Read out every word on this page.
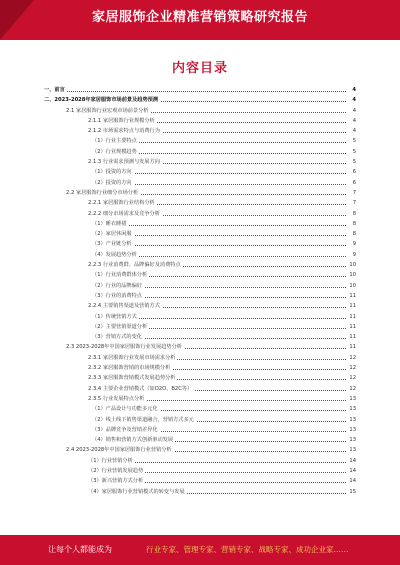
家居服饰企业精准营销策略研究报告
内容目录
一、前言	4
二、2023-2028年家居服饰市场前景及趋势预测	4
2.1 家居服饰行业宏观市场前景分析	4
2.1.1 家居服饰行业规模分析	4
2.1.2 市场需求特点与消费行为	4
（1）行业主要特点	5
（2）行业规模趋势	5
2.1.3 行业需求预测与发展方向	5
（1）投资的方向	6
（2）投资的方向	6
2.2 家居服饰行业细分市场分析	7
2.2.1 家居服饰行业结构分析	7
2.2.2 细分市场需求及竞争分析	8
（1）睡衣睡裙	8
（2）家居休闲服	8
（3）产业链分析	9
（4）发展趋势分析	9
2.2.3 行业消费群、品牌偏好及消费特点	10
（1）行业消费群体分析	10
（2）行业的品牌偏好	10
（3）行业的消费特点	11
2.2.4 主要销售渠道及营销方式	11
（1）传统营销方式	11
（2）主要营销渠道分析	11
（3）营销方式的变化	11
2.3 2023-2028年中国家居服饰行业发展趋势分析	11
2.3.1 家居服饰行业发展市场需求分析	12
2.3.2 家居服饰营销的市场规模分析	12
2.3.3 家居服饰营销模式发展趋势分析	12
2.3.4 主要企业营销模式（如O2O、B2C等）	12
2.3.5 行业发展特点分析	13
（1）产品设计与功能多元化	13
（2）线上线下销售渠道融合，营销方式多元	13
（3）品牌竞争及营销差异化	13
（4）销售和营销方式创新驱动发展	13
2.4 2023-2028年中国家居服饰行业营销分析	13
（1）行业营销分析	14
（2）行业营销发展趋势	14
（3）新兴营销方式分析	14
（4）家居服饰行业营销模式的转变与发展	15
让每个人都能成为	行业专家、管理专家、营销专家、战略专家、成功企业家……
